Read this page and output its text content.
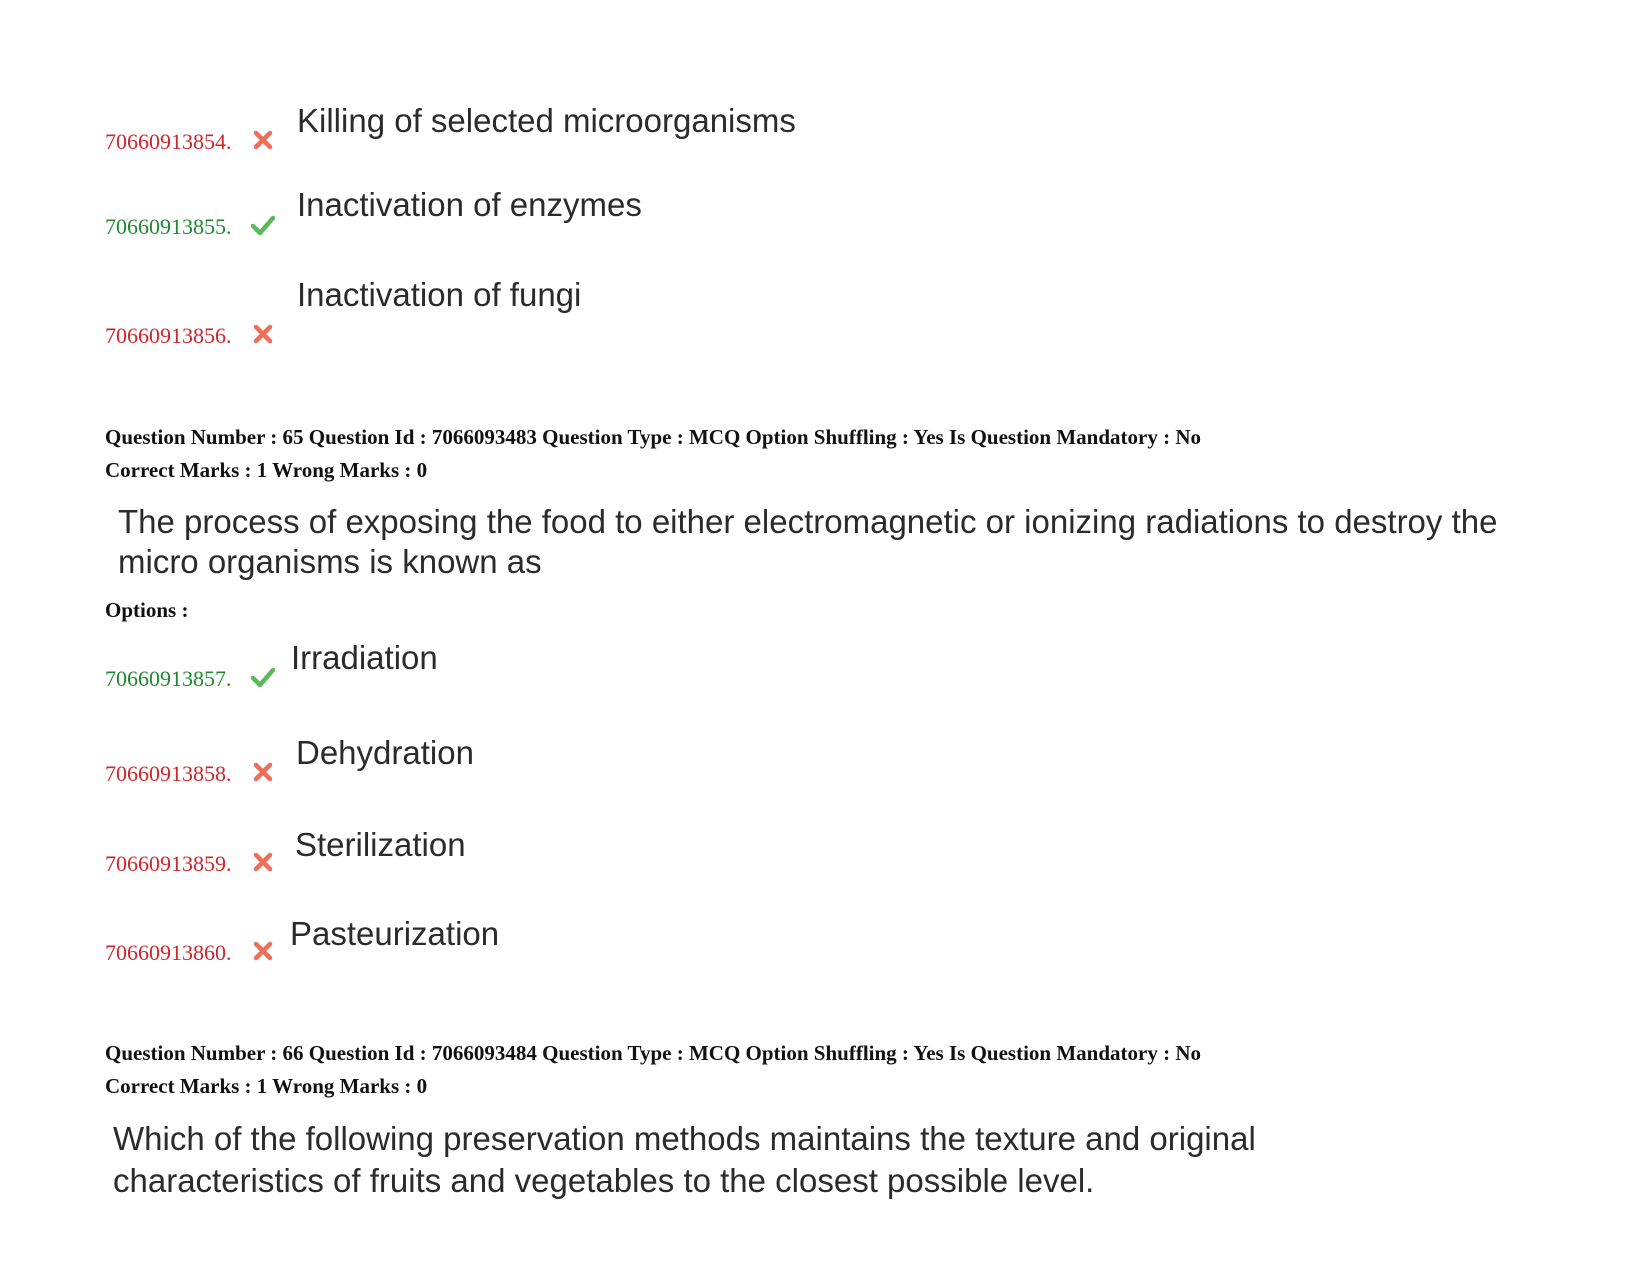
70660913854.
Killing of selected microorganisms
70660913855.
Inactivation of enzymes
70660913856.
Inactivation of fungi
Question Number : 65 Question Id : 7066093483 Question Type : MCQ Option Shuffling : Yes Is Question Mandatory : No
Correct Marks : 1 Wrong Marks : 0
The process of exposing the food to either electromagnetic or ionizing radiations to destroy the micro organisms is known as
Options :
70660913857.
Irradiation
70660913858.
Dehydration
70660913859.
Sterilization
70660913860.
Pasteurization
Question Number : 66 Question Id : 7066093484 Question Type : MCQ Option Shuffling : Yes Is Question Mandatory : No
Correct Marks : 1 Wrong Marks : 0
Which of the following preservation methods maintains the texture and original characteristics of fruits and vegetables to the closest possible level.
